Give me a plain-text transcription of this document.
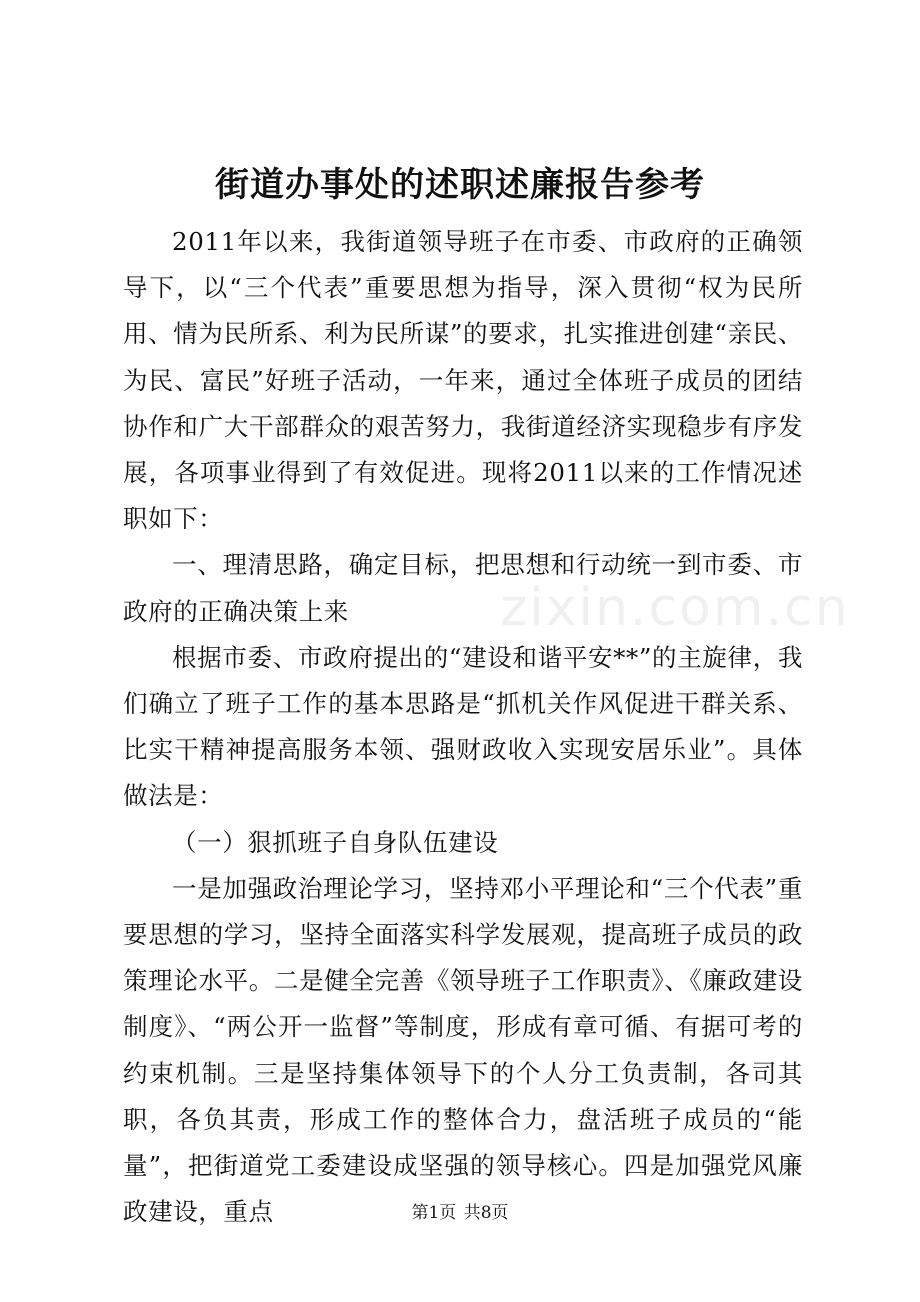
街道办事处的述职述廉报告参考

2011年以来，我街道领导班子在市委、市政府的正确领导下，以“三个代表”重要思想为指导，深入贯彻“权为民所用、情为民所系、利为民所谋”的要求，扎实推进创建“亲民、为民、富民”好班子活动，一年来，通过全体班子成员的团结协作和广大干部群众的艰苦努力，我街道经济实现稳步有序发展，各项事业得到了有效促进。现将2011以来的工作情况述职如下：

一、理清思路，确定目标，把思想和行动统一到市委、市政府的正确决策上来

根据市委、市政府提出的“建设和谐平安**”的主旋律，我们确立了班子工作的基本思路是“抓机关作风促进干群关系、比实干精神提高服务本领、强财政收入实现安居乐业”。具体做法是：

（一）狠抓班子自身队伍建设

一是加强政治理论学习，坚持邓小平理论和“三个代表”重要思想的学习，坚持全面落实科学发展观，提高班子成员的政策理论水平。二是健全完善《领导班子工作职责》、《廉政建设制度》、“两公开一监督”等制度，形成有章可循、有据可考的约束机制。三是坚持集体领导下的个人分工负责制，各司其职，各负其责，形成工作的整体合力，盘活班子成员的“能量”，把街道党工委建设成坚强的领导核心。四是加强党风廉政建设，重点

zixin.com.cn
第1页 共8页
